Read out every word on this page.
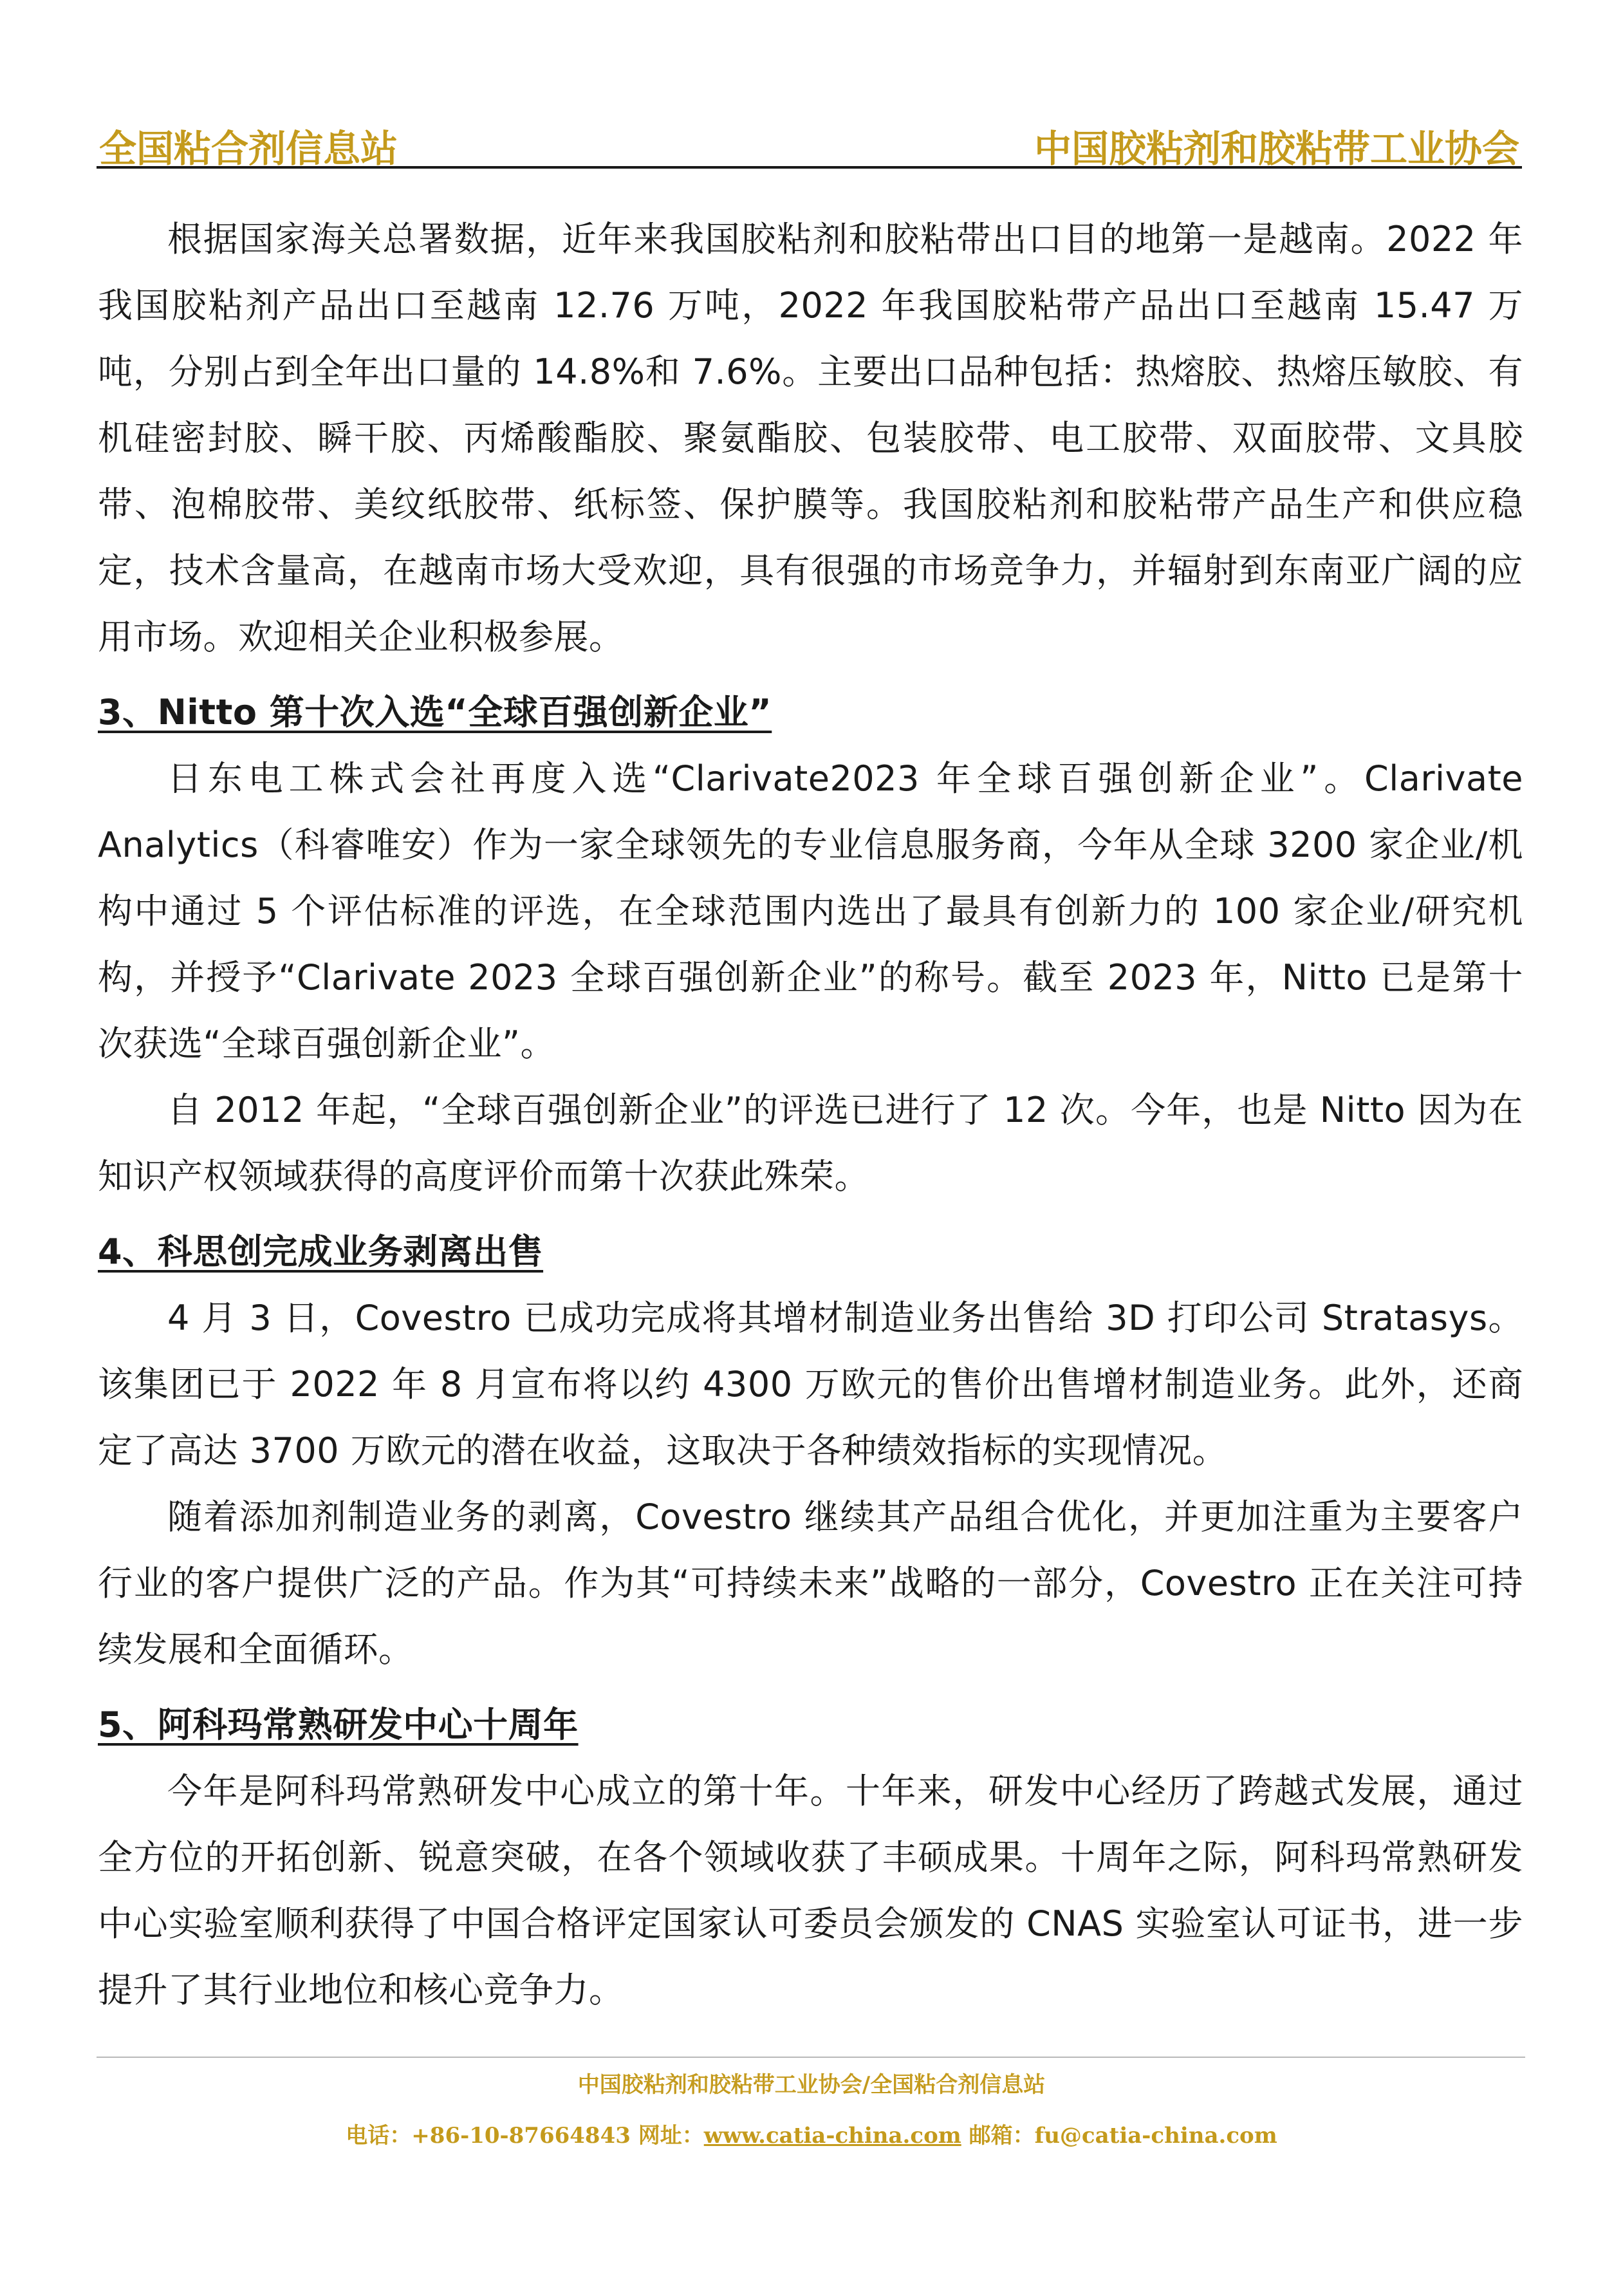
全国粘合剂信息站	中国胶粘剂和胶粘带工业协会

根据国家海关总署数据，近年来我国胶粘剂和胶粘带出口目的地第一是越南。2022 年我国胶粘剂产品出口至越南 12.76 万吨，2022 年我国胶粘带产品出口至越南 15.47 万吨，分别占到全年出口量的 14.8%和 7.6%。主要出口品种包括：热熔胶、热熔压敏胶、有机硅密封胶、瞬干胶、丙烯酸酯胶、聚氨酯胶、包装胶带、电工胶带、双面胶带、文具胶带、泡棉胶带、美纹纸胶带、纸标签、保护膜等。我国胶粘剂和胶粘带产品生产和供应稳定，技术含量高，在越南市场大受欢迎，具有很强的市场竞争力，并辐射到东南亚广阔的应用市场。欢迎相关企业积极参展。

3、Nitto 第十次入选“全球百强创新企业”

日东电工株式会社再度入选“Clarivate2023 年全球百强创新企业”。Clarivate Analytics（科睿唯安）作为一家全球领先的专业信息服务商，今年从全球 3200 家企业/机构中通过 5 个评估标准的评选，在全球范围内选出了最具有创新力的 100 家企业/研究机构，并授予“Clarivate 2023 全球百强创新企业”的称号。截至 2023 年，Nitto 已是第十次获选“全球百强创新企业”。

自 2012 年起，“全球百强创新企业”的评选已进行了 12 次。今年，也是 Nitto 因为在知识产权领域获得的高度评价而第十次获此殊荣。

4、科思创完成业务剥离出售

4 月 3 日，Covestro 已成功完成将其增材制造业务出售给 3D 打印公司 Stratasys。该集团已于 2022 年 8 月宣布将以约 4300 万欧元的售价出售增材制造业务。此外，还商定了高达 3700 万欧元的潜在收益，这取决于各种绩效指标的实现情况。

随着添加剂制造业务的剥离，Covestro 继续其产品组合优化，并更加注重为主要客户行业的客户提供广泛的产品。作为其“可持续未来”战略的一部分，Covestro 正在关注可持续发展和全面循环。

5、阿科玛常熟研发中心十周年

今年是阿科玛常熟研发中心成立的第十年。十年来，研发中心经历了跨越式发展，通过全方位的开拓创新、锐意突破，在各个领域收获了丰硕成果。十周年之际，阿科玛常熟研发中心实验室顺利获得了中国合格评定国家认可委员会颁发的 CNAS 实验室认可证书，进一步提升了其行业地位和核心竞争力。

中国胶粘剂和胶粘带工业协会/全国粘合剂信息站
电话：+86-10-87664843 网址：www.catia-china.com 邮箱：fu@catia-china.com
